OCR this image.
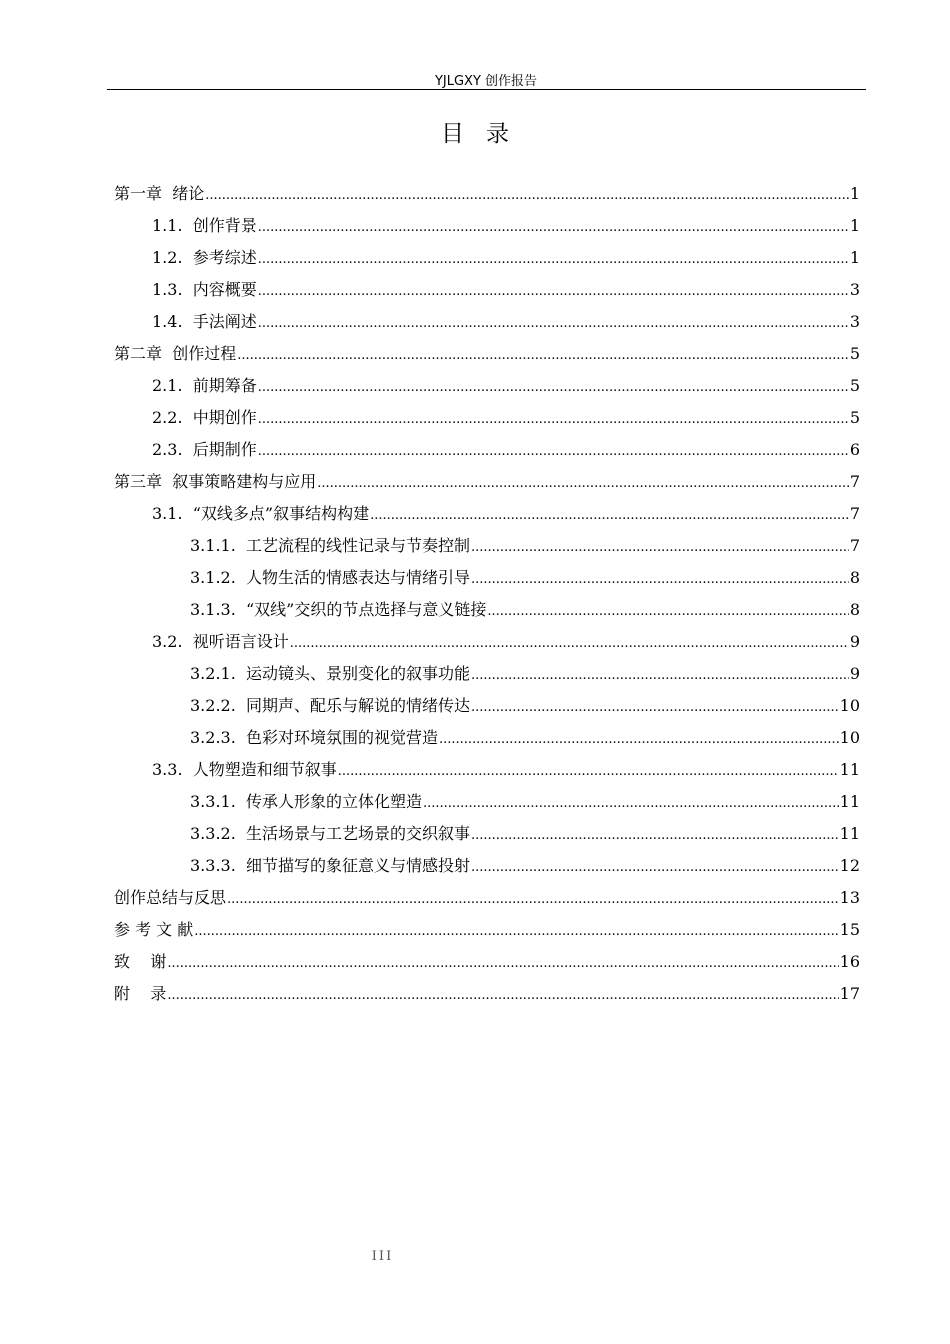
YJLGXY 创作报告
目 录
第一章 绪论 .....	1
1.1. 创作背景 .....	1
1.2. 参考综述 .....	1
1.3. 内容概要 .....	3
1.4. 手法阐述 .....	3
第二章 创作过程 .....	5
2.1. 前期筹备 .....	5
2.2. 中期创作 .....	5
2.3. 后期制作 .....	6
第三章 叙事策略建构与应用 .....	7
3.1. “双线多点”叙事结构构建 .....	7
3.1.1. 工艺流程的线性记录与节奏控制 .....	7
3.1.2. 人物生活的情感表达与情绪引导 .....	8
3.1.3. “双线”交织的节点选择与意义链接 .....	8
3.2. 视听语言设计 .....	9
3.2.1. 运动镜头、景别变化的叙事功能 .....	9
3.2.2. 同期声、配乐与解说的情绪传达 .....	10
3.2.3. 色彩对环境氛围的视觉营造 .....	10
3.3. 人物塑造和细节叙事 .....	11
3.3.1. 传承人形象的立体化塑造 .....	11
3.3.2. 生活场景与工艺场景的交织叙事 .....	11
3.3.3. 细节描写的象征意义与情感投射 .....	12
创作总结与反思 .....	13
参 考 文 献 .....	15
致    谢 .....	16
附    录 .....	17
III
